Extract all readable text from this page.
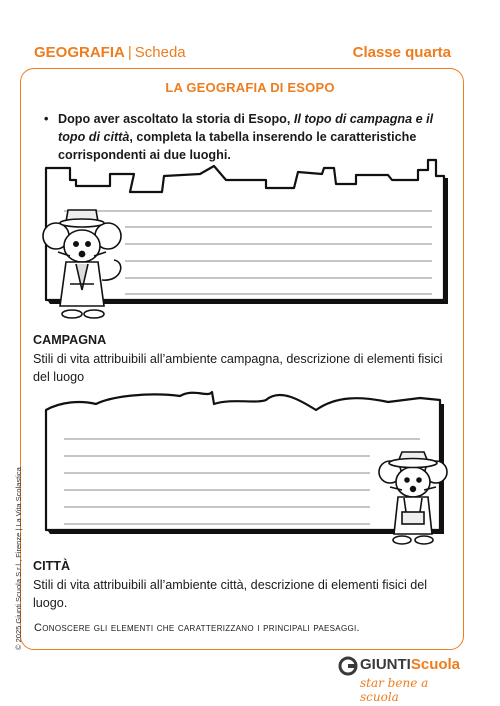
GEOGRAFIA | Scheda	Classe quarta
LA GEOGRAFIA DI ESOPO
• Dopo aver ascoltato la storia di Esopo, Il topo di campagna e il topo di città, completa la tabella inserendo le caratteristiche corrispondenti ai due luoghi.
CAMPAGNA
Stili di vita attribuibili all’ambiente campagna, descrizione di elementi fisici del luogo
CITTÀ
Stili di vita attribuibili all’ambiente città, descrizione di elementi fisici del luogo.
Conoscere gli elementi che caratterizzano i principali paesaggi.
© 2025 Giunti Scuola S.r.l., Firenze | La Vita Scolastica
GIUNTIScuola
star bene a scuola
